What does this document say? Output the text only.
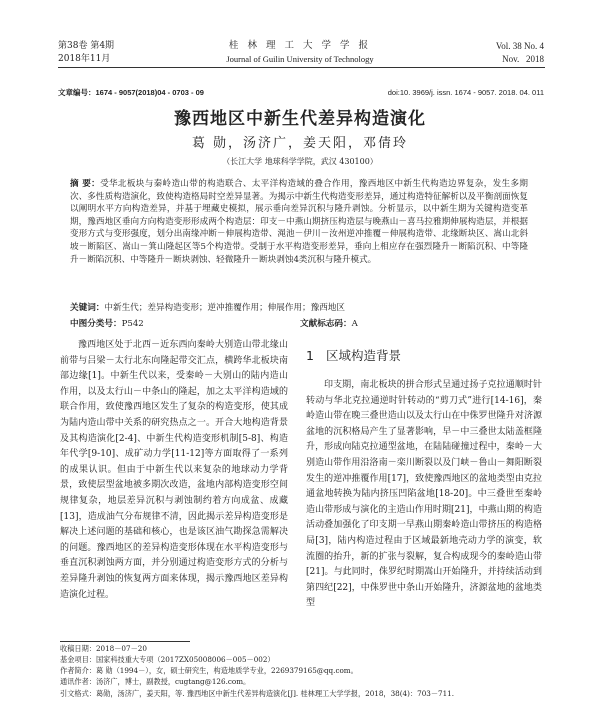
第38卷 第4期
2018年11月
桂 林 理 工 大 学 学 报
Journal of Guilin University of Technology
Vol. 38 No. 4
Nov.   2018
文章编号：1674 - 9057(2018)04 - 0703 - 09	doi:10. 3969/j. issn. 1674 - 9057. 2018. 04. 011
豫西地区中新生代差异构造演化
葛 勋，汤济广，姜天阳，邓倩玲
（长江大学 地球科学学院，武汉 430100）
摘 要：受华北板块与秦岭造山带的构造联合、太平洋构造域的叠合作用，豫西地区中新生代构造边界复杂，发生多期次、多性质构造演化，致使构造格局时空差异显著。为揭示中新生代构造变形差异，通过构造特征解析以及平衡剖面恢复以阐明水平方向构造差异，并基于埋藏史模拟，展示垂向差异沉积与隆升剥蚀。分析显示，以中新生期为关键构造变革期，豫西地区垂向方向构造变形形成两个构造层：印支－中燕山期挤压构造层与晚燕山－喜马拉雅期伸展构造层，并根据变形方式与变形强度，划分出南缘冲断－伸展构造带、渑池－伊川－汝州逆冲推覆－伸展构造带、北缘断块区、嵩山北斜坡－断陷区、嵩山－箕山隆起区等5个构造带。受制于水平构造变形差异，垂向上相应存在强烈隆升－断陷沉积、中等隆升－断陷沉积、中等隆升－断块剥蚀、轻微隆升－断块剥蚀4类沉积与隆升模式。
关键词：中新生代；差异构造变形；逆冲推覆作用；伸展作用；豫西地区
中图分类号：P542	文献标志码：A
豫西地区处于北西－近东西向秦岭大别造山带北缘山前带与吕梁－太行北东向隆起带交汇点，横跨华北板块南部边缘[1]。中新生代以来，受秦岭－大别山的陆内造山作用，以及太行山－中条山的隆起，加之太平洋构造域的联合作用，致使豫西地区发生了复杂的构造变形，使其成为陆内造山带中关系的研究热点之一。开合大地构造背景及其构造演化[2-4]、中新生代构造变形机制[5-8]、构造年代学[9-10]、成矿动力学[11-12]等方面取得了一系列的成果认识。但由于中新生代以来复杂的地球动力学背景，致使层型盆地被多期次改造，盆地内部构造变形空间规律复杂，地层差异沉积与剥蚀制约着方向成盆、成藏[13]，造成油气分布规律不清，因此揭示差异构造变形是解决上述问题的基础和核心，也是该区油气勘探急需解决的问题。豫西地区的差异构造变形体现在水平构造变形与垂直沉积剥蚀两方面，并分别通过构造变形方式的分析与差异隆升剥蚀的恢复两方面来体现，揭示豫西地区差异构造演化过程。
1 区域构造背景
印支期，南北板块的拼合形式呈通过扬子克拉通顺时针转动与华北克拉通逆时针转动的“剪刀式”进行[14-16]，秦岭造山带在晚三叠世造山以及太行山在中侏罗世隆升对济源盆地的沉积格局产生了显著影响，早－中三叠世太陆盖框隆升，形成向陆克拉通型盆地，在陆陆碰撞过程中，秦岭－大别造山带作用沿洛南－栾川断裂以及门峡－鲁山－舞阳断裂发生的逆冲推覆作用[17]，致使豫西地区的盆地类型由克拉通盆地转换为陆内挤压凹陷盆地[18-20]。中三叠世至秦岭造山带形成与演化的主造山作用时期[21]，中燕山期的构造活动叠加强化了印支期一早燕山期秦岭造山带挤压的构造格局[3]，陆内构造过程由于区域最新地壳动力学的演变，软流圈的抬升，新的扩张与裂解，复合构成现今的秦岭造山带[21]。与此同时，侏罗纪时期嵩山开始隆升，并持续活动到第四纪[22]，中侏罗世中条山开始隆升，济源盆地的盆地类型
收稿日期：2018－07－20
基金项目：国家科技重大专项（2017ZX05008006－005－002）
作者简介：葛 勋（1994－），女，硕士研究生，构造地质学专业，2269379165@qq.com。
通讯作者：汤济广，博士，副教授，cugtang@126.com。
引文格式：葛勋，汤济广，姜天阳，等. 豫西地区中新生代差异构造演化[J]. 桂林理工大学学报，2018，38(4)：703－711.
